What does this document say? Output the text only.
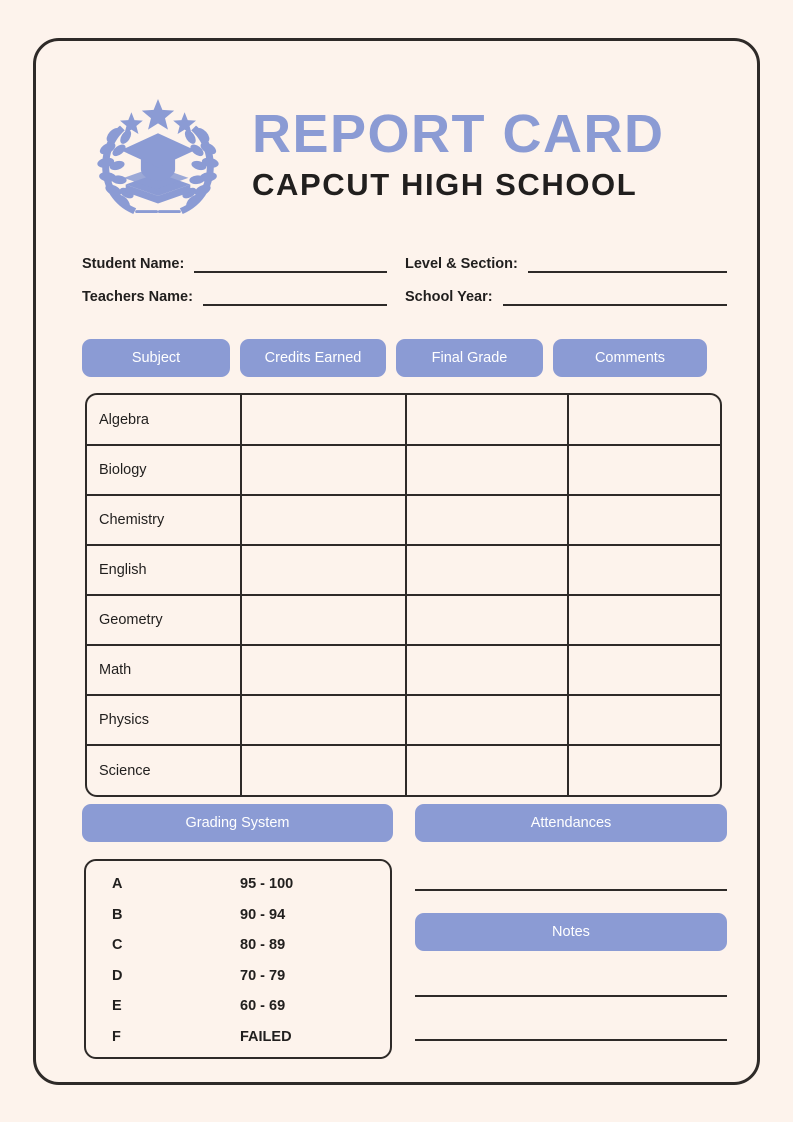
REPORT CARD
CAPCUT HIGH SCHOOL
Student Name:	Level & Section:
Teachers Name:	School Year:
Subject	Credits Earned	Final Grade	Comments
Algebra			
Biology			
Chemistry			
English			
Geometry			
Math			
Physics			
Science			
Grading System	Attendances
A	95 - 100
B	90 - 94
C	80 - 89
D	70 - 79
E	60 - 69
F	FAILED
Notes
